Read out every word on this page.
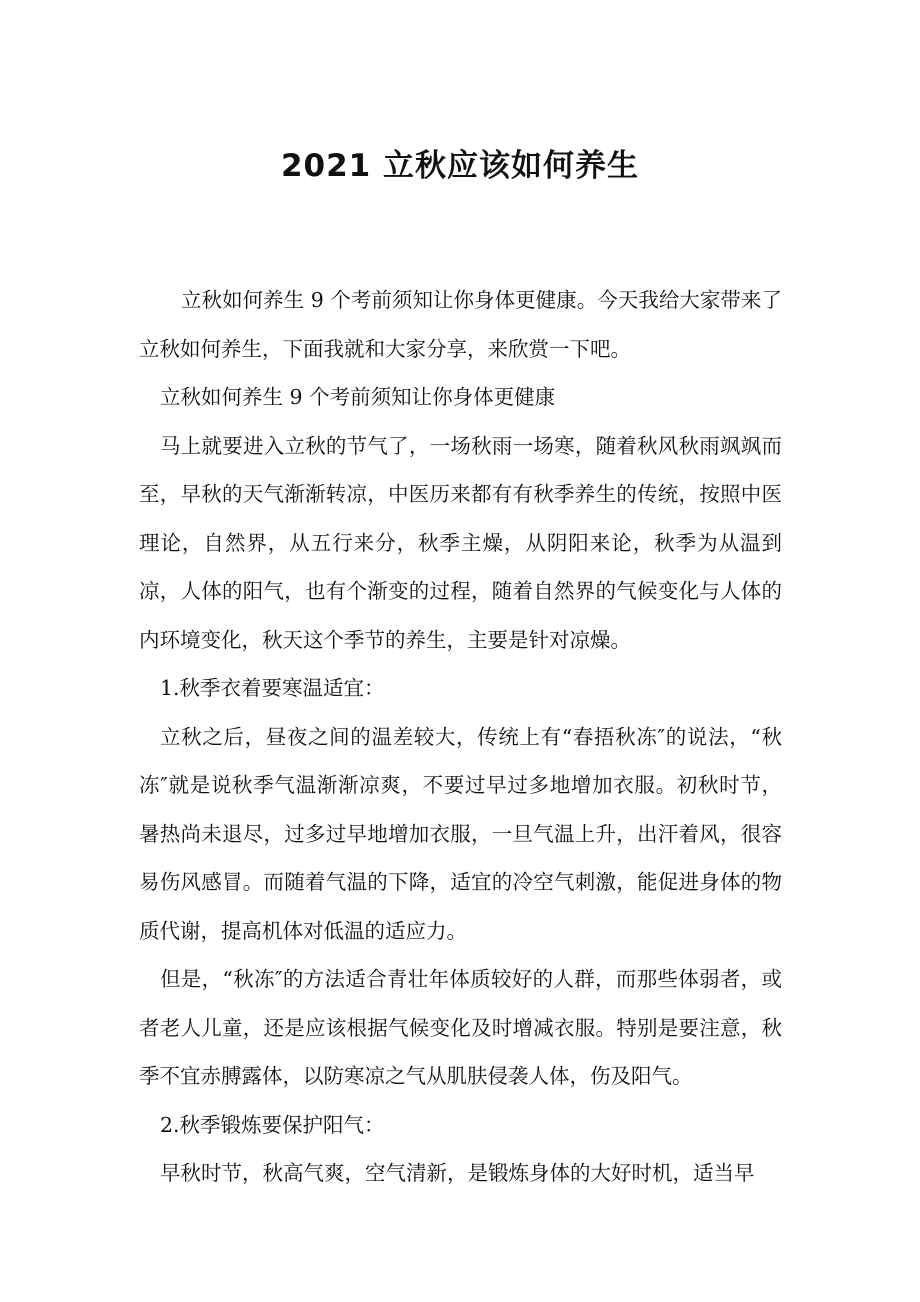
2021 立秋应该如何养生

立秋如何养生 9 个考前须知让你身体更健康。今天我给大家带来了立秋如何养生，下面我就和大家分享，来欣赏一下吧。

立秋如何养生 9 个考前须知让你身体更健康

马上就要进入立秋的节气了，一场秋雨一场寒，随着秋风秋雨飒飒而至，早秋的天气渐渐转凉，中医历来都有有秋季养生的传统，按照中医理论，自然界，从五行来分，秋季主燥，从阴阳来论，秋季为从温到凉，人体的阳气，也有个渐变的过程，随着自然界的气候变化与人体的内环境变化，秋天这个季节的养生，主要是针对凉燥。

1.秋季衣着要寒温适宜：

立秋之后，昼夜之间的温差较大，传统上有“春捂秋冻″的说法，“秋冻″就是说秋季气温渐渐凉爽，不要过早过多地增加衣服。初秋时节，暑热尚未退尽，过多过早地增加衣服，一旦气温上升，出汗着风，很容易伤风感冒。而随着气温的下降，适宜的冷空气刺激，能促进身体的物质代谢，提高机体对低温的适应力。

但是，“秋冻″的方法适合青壮年体质较好的人群，而那些体弱者，或者老人儿童，还是应该根据气候变化及时增减衣服。特别是要注意，秋季不宜赤膊露体，以防寒凉之气从肌肤侵袭人体，伤及阳气。

2.秋季锻炼要保护阳气：

早秋时节，秋高气爽，空气清新，是锻炼身体的大好时机，适当早
